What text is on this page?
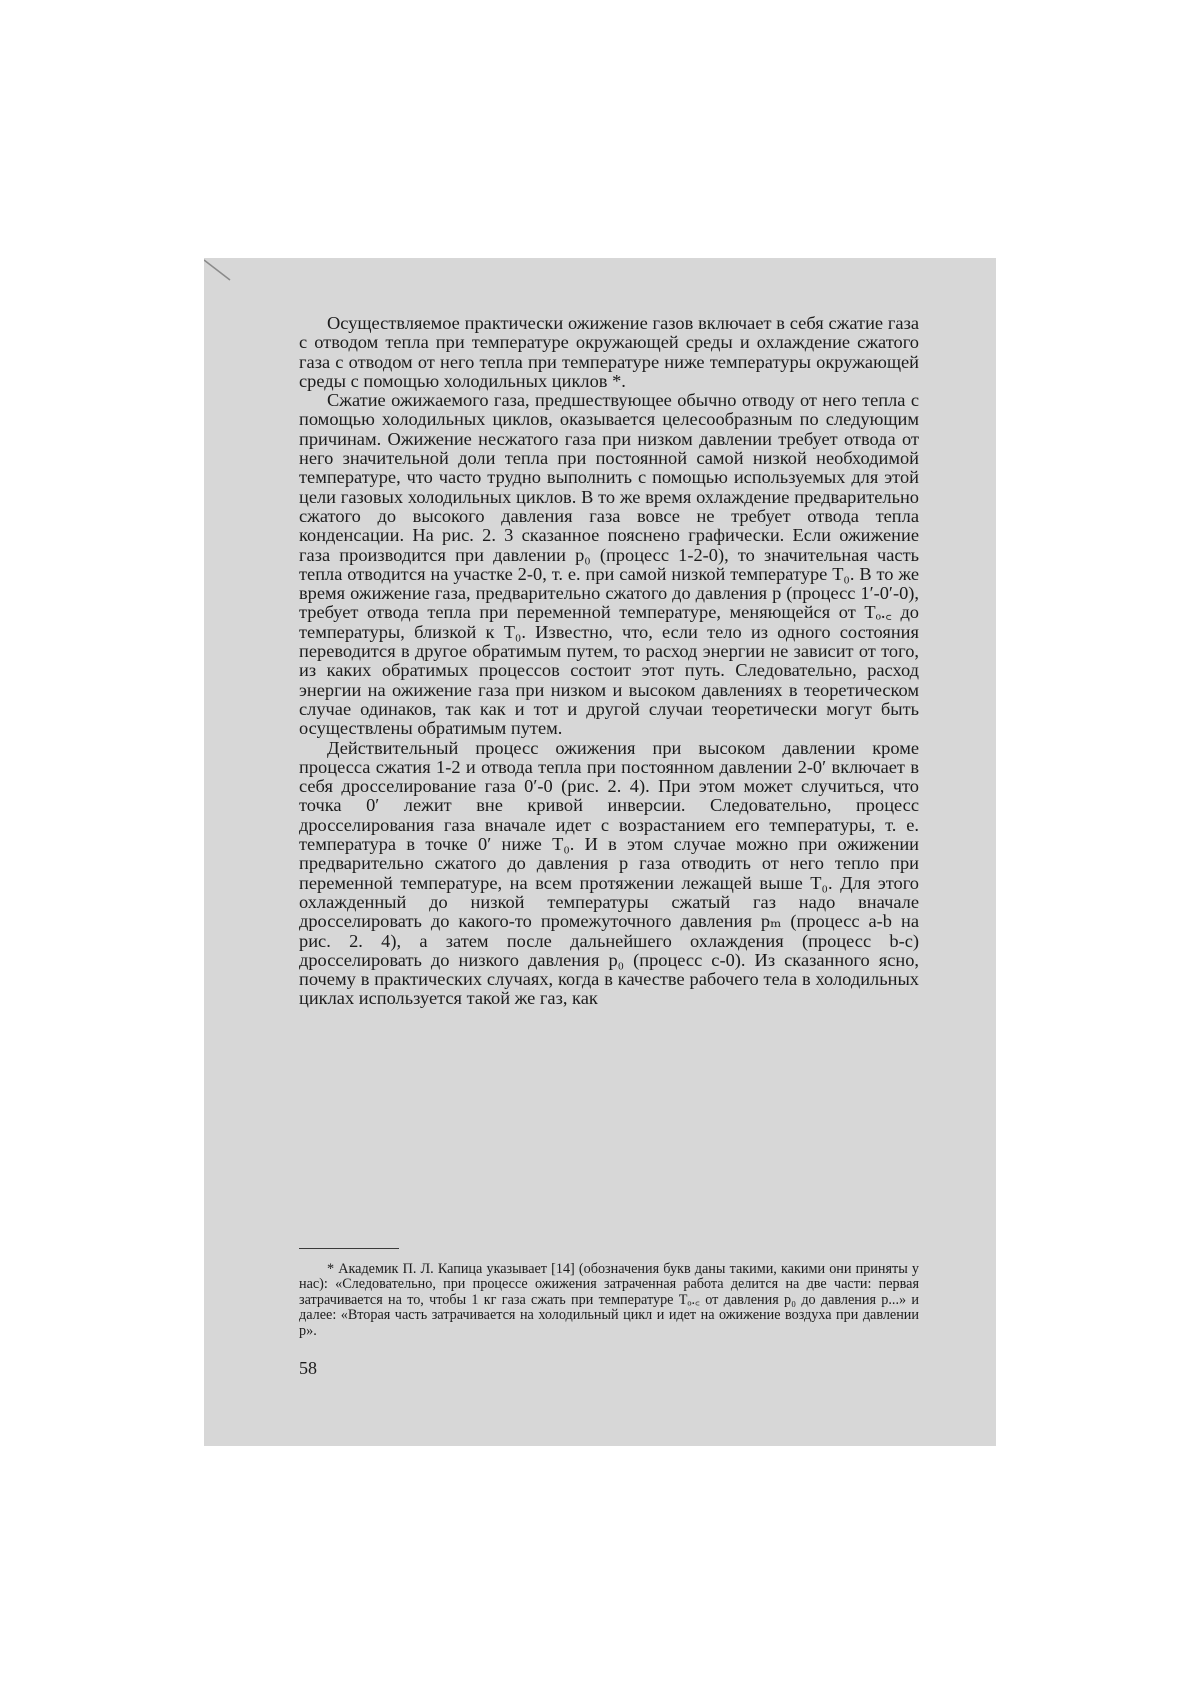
Осуществляемое практически ожижение газов включает в себя сжатие газа с отводом тепла при температуре окружающей среды и охлаждение сжатого газа с отводом от него тепла при температуре ниже температуры окружающей среды с помощью холодильных циклов *.

Сжатие ожижаемого газа, предшествующее обычно отводу от него тепла с помощью холодильных циклов, оказывается целесообразным по следующим причинам. Ожижение несжатого газа при низком давлении требует отвода от него значительной доли тепла при постоянной самой низкой необходимой температуре, что часто трудно выполнить с помощью используемых для этой цели газовых холодильных циклов. В то же время охлаждение предварительно сжатого до высокого давления газа вовсе не требует отвода тепла конденсации. На рис. 2. 3 сказанное пояснено графически. Если ожижение газа производится при давлении p₀ (процесс 1-2-0), то значительная часть тепла отводится на участке 2-0, т. е. при самой низкой температуре T₀. В то же время ожижение газа, предварительно сжатого до давления p (процесс 1′-0′-0), требует отвода тепла при переменной температуре, меняющейся от Tₒ.꜀ до температуры, близкой к T₀. Известно, что, если тело из одного состояния переводится в другое обратимым путем, то расход энергии не зависит от того, из каких обратимых процессов состоит этот путь. Следовательно, расход энергии на ожижение газа при низком и высоком давлениях в теоретическом случае одинаков, так как и тот и другой случаи теоретически могут быть осуществлены обратимым путем.

Действительный процесс ожижения при высоком давлении кроме процесса сжатия 1-2 и отвода тепла при постоянном давлении 2-0′ включает в себя дросселирование газа 0′-0 (рис. 2. 4). При этом может случиться, что точка 0′ лежит вне кривой инверсии. Следовательно, процесс дросселирования газа вначале идет с возрастанием его температуры, т. е. температура в точке 0′ ниже T₀. И в этом случае можно при ожижении предварительно сжатого до давления p газа отводить от него тепло при переменной температуре, на всем протяжении лежащей выше T₀. Для этого охлажденный до низкой температуры сжатый газ надо вначале дросселировать до какого-то промежуточного давления pₘ (процесс a-b на рис. 2. 4), а затем после дальнейшего охлаждения (процесс b-c) дросселировать до низкого давления p₀ (процесс c-0). Из сказанного ясно, почему в практических случаях, когда в качестве рабочего тела в холодильных циклах используется такой же газ, как

* Академик П. Л. Капица указывает [14] (обозначения букв даны такими, какими они приняты у нас): «Следовательно, при процессе ожижения затраченная работа делится на две части: первая затрачивается на то, чтобы 1 кг газа сжать при температуре Tₒ.꜀ от давления p₀ до давления p...» и далее: «Вторая часть затрачивается на холодильный цикл и идет на ожижение воздуха при давлении p».

58
